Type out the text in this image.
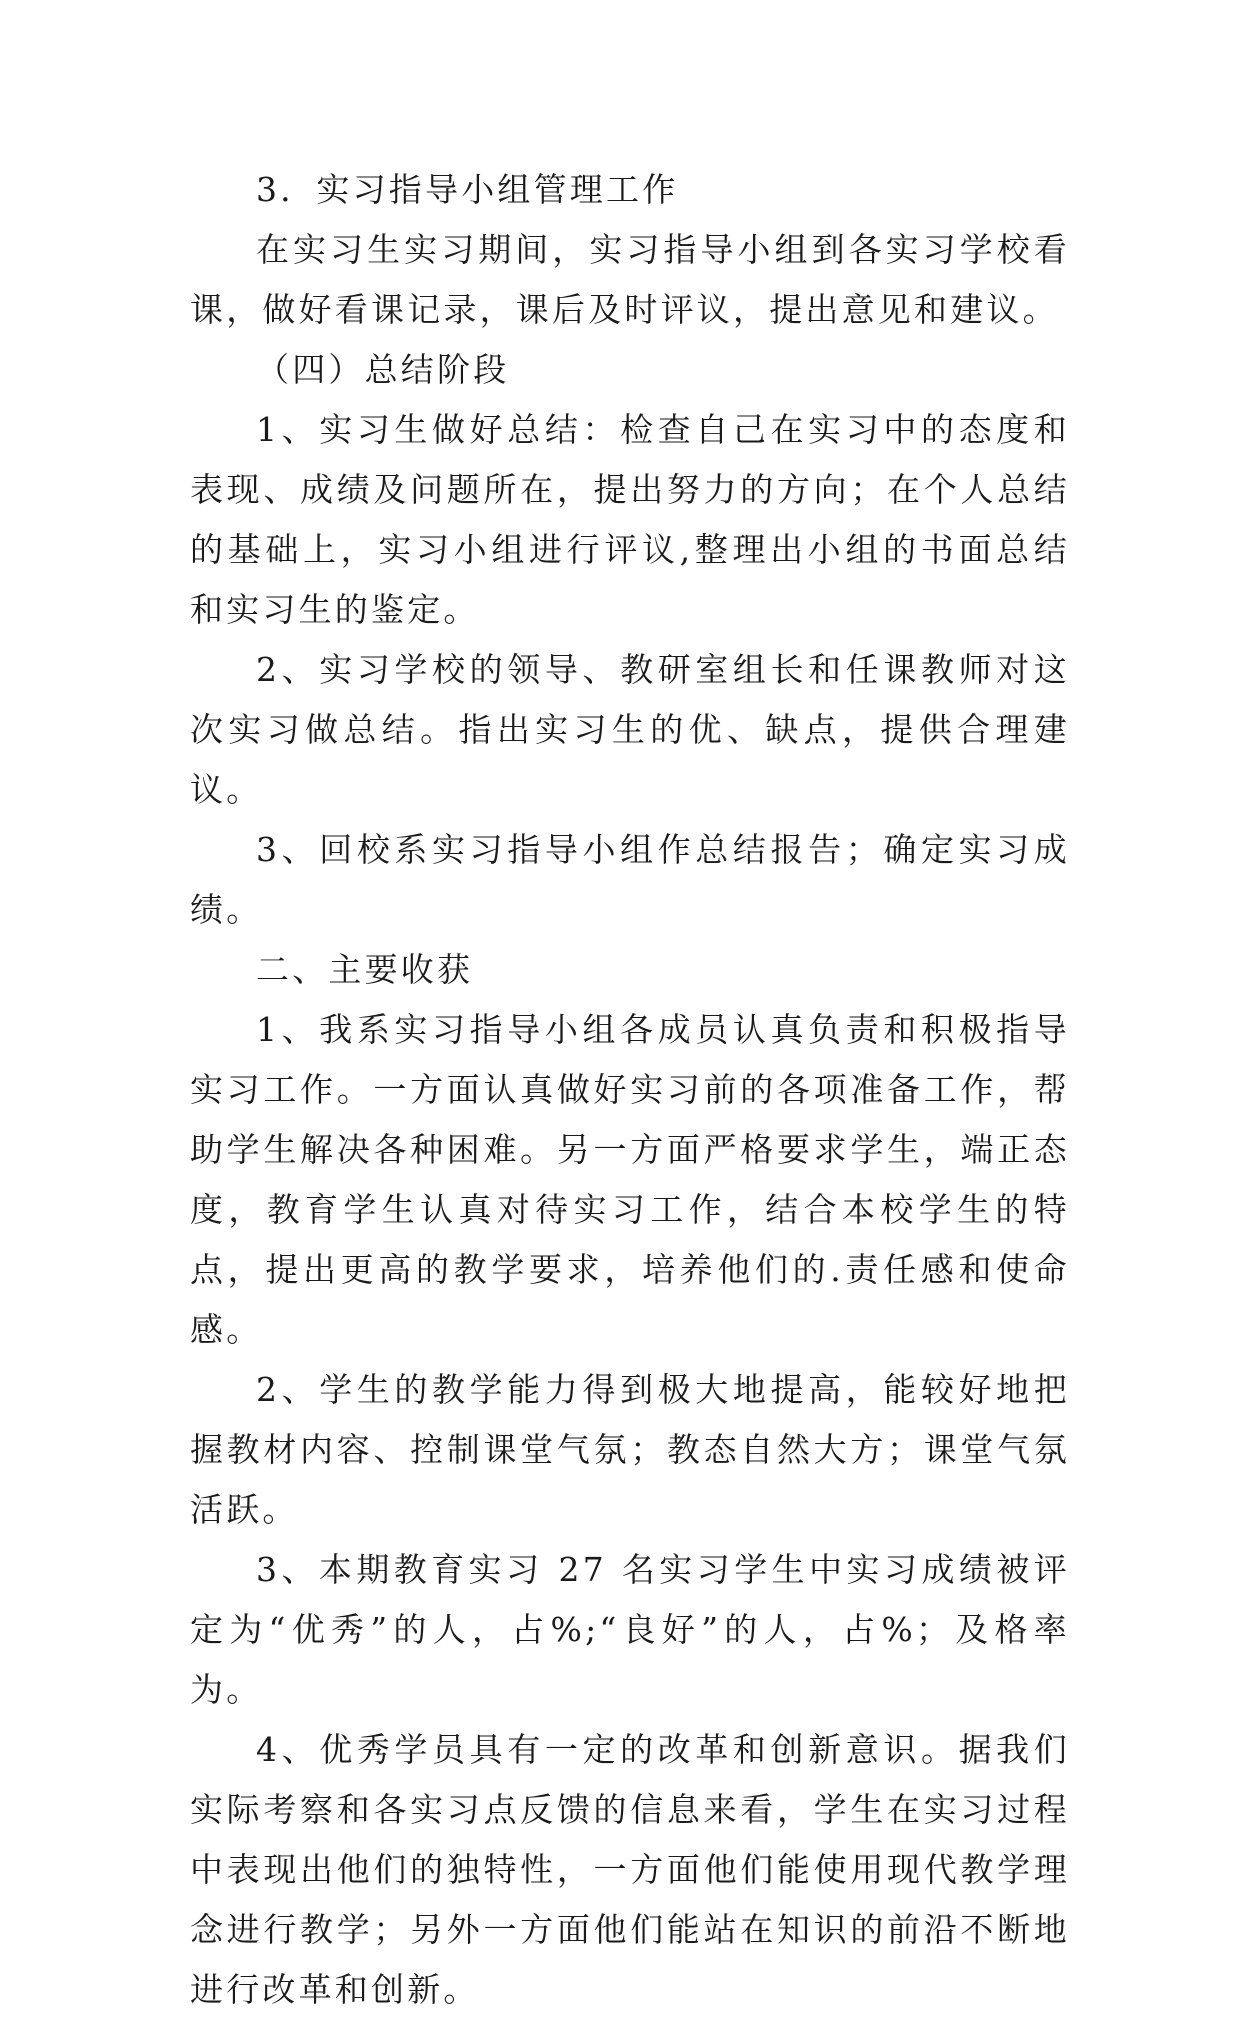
3．实习指导小组管理工作

在实习生实习期间，实习指导小组到各实习学校看课，做好看课记录，课后及时评议，提出意见和建议。

（四）总结阶段

1、实习生做好总结：检查自己在实习中的态度和表现、成绩及问题所在，提出努力的方向；在个人总结的基础上，实习小组进行评议,整理出小组的书面总结和实习生的鉴定。

2、实习学校的领导、教研室组长和任课教师对这次实习做总结。指出实习生的优、缺点，提供合理建议。

3、回校系实习指导小组作总结报告；确定实习成绩。

二、主要收获

1、我系实习指导小组各成员认真负责和积极指导实习工作。一方面认真做好实习前的各项准备工作，帮助学生解决各种困难。另一方面严格要求学生，端正态度，教育学生认真对待实习工作，结合本校学生的特点，提出更高的教学要求，培养他们的.责任感和使命感。

2、学生的教学能力得到极大地提高，能较好地把握教材内容、控制课堂气氛；教态自然大方；课堂气氛活跃。

3、本期教育实习 27 名实习学生中实习成绩被评定为“优秀”的人，占%;“良好”的人，占%；及格率为。

4、优秀学员具有一定的改革和创新意识。据我们实际考察和各实习点反馈的信息来看，学生在实习过程中表现出他们的独特性，一方面他们能使用现代教学理念进行教学；另外一方面他们能站在知识的前沿不断地进行改革和创新。
